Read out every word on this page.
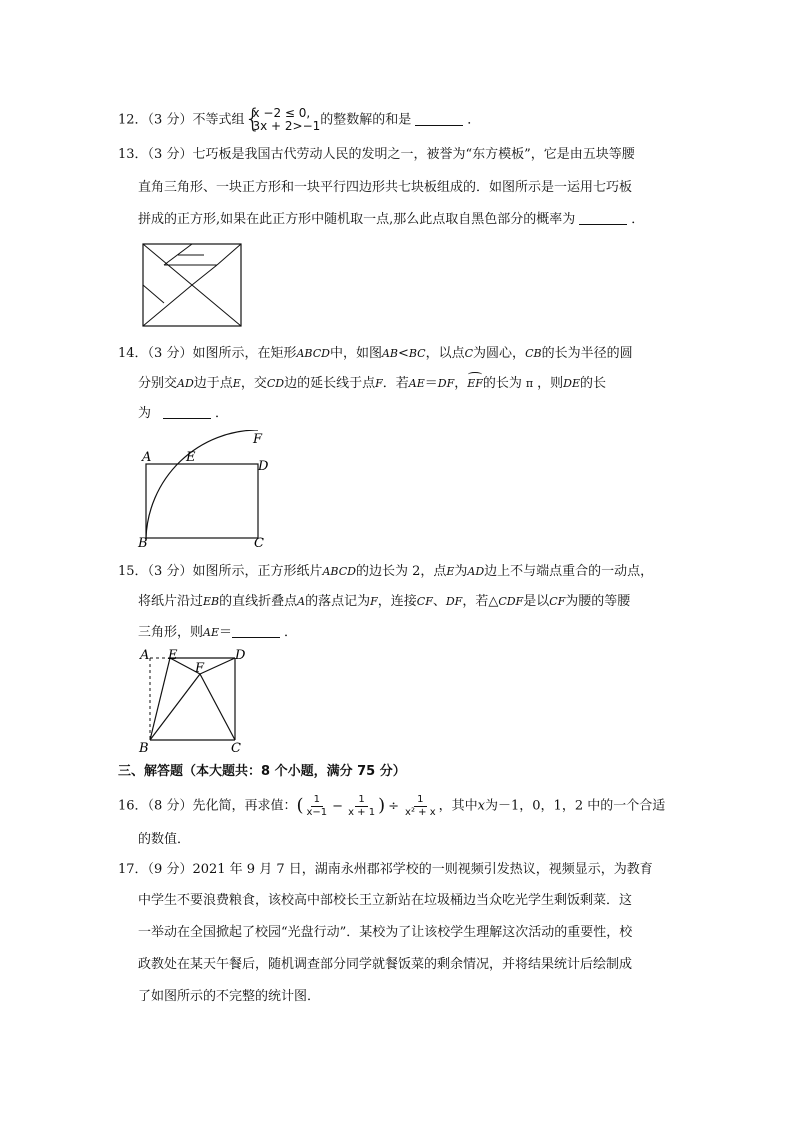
12．（3 分）不等式组 {
x −2 ≤ 0,
3x + 2>−1 的整数解的和是	．
13．（3 分）七巧板是我国古代劳动人民的发明之一，被誉为“东方模板”，它是由五块等腰
直角三角形、一块正方形和一块平行四边形共七块板组成的．如图所示是一运用七巧板
拼成的正方形,如果在此正方形中随机取一点,那么此点取自黑色部分的概率为	．
14．（3 分）如图所示，在矩形ABCD中，如图AB<BC，以点C为圆心，CB的长为半径的圆
分别交AD边于点E，交CD边的延长线于点F．若AE＝DF，EF的长为 π ，则DE的长
为	．
A	E
F
D
B	C
15．（3 分）如图所示，正方形纸片ABCD的边长为 2，点E为AD边上不与端点重合的一动点，
将纸片沿过EB的直线折叠点A的落点记为F，连接CF、DF，若△CDF是以CF为腰的等腰
三角形，则AE＝	．
A E
F
D
B	C
三、解答题（本大题共：8 个小题，满分 75 分）
16．（8 分）先化简，再求值：( $\frac{1}{x-1} - \frac{1}{x + 1}$ ) ÷ $\frac{1}{\text{x² + x}}$ ，其中x为－1，0，1，2 中的一个合适
的数值．
17．（9 分）2021 年 9 月 7 日，湖南永州郡祁学校的一则视频引发热议，视频显示，为教育
中学生不要浪费粮食，该校高中部校长王立新站在垃圾桶边当众吃光学生剩饭剩菜．这
一举动在全国掀起了校园“光盘行动”．某校为了让该校学生理解这次活动的重要性，校
政教处在某天午餐后，随机调查部分同学就餐饭菜的剩余情况，并将结果统计后绘制成
了如图所示的不完整的统计图．
